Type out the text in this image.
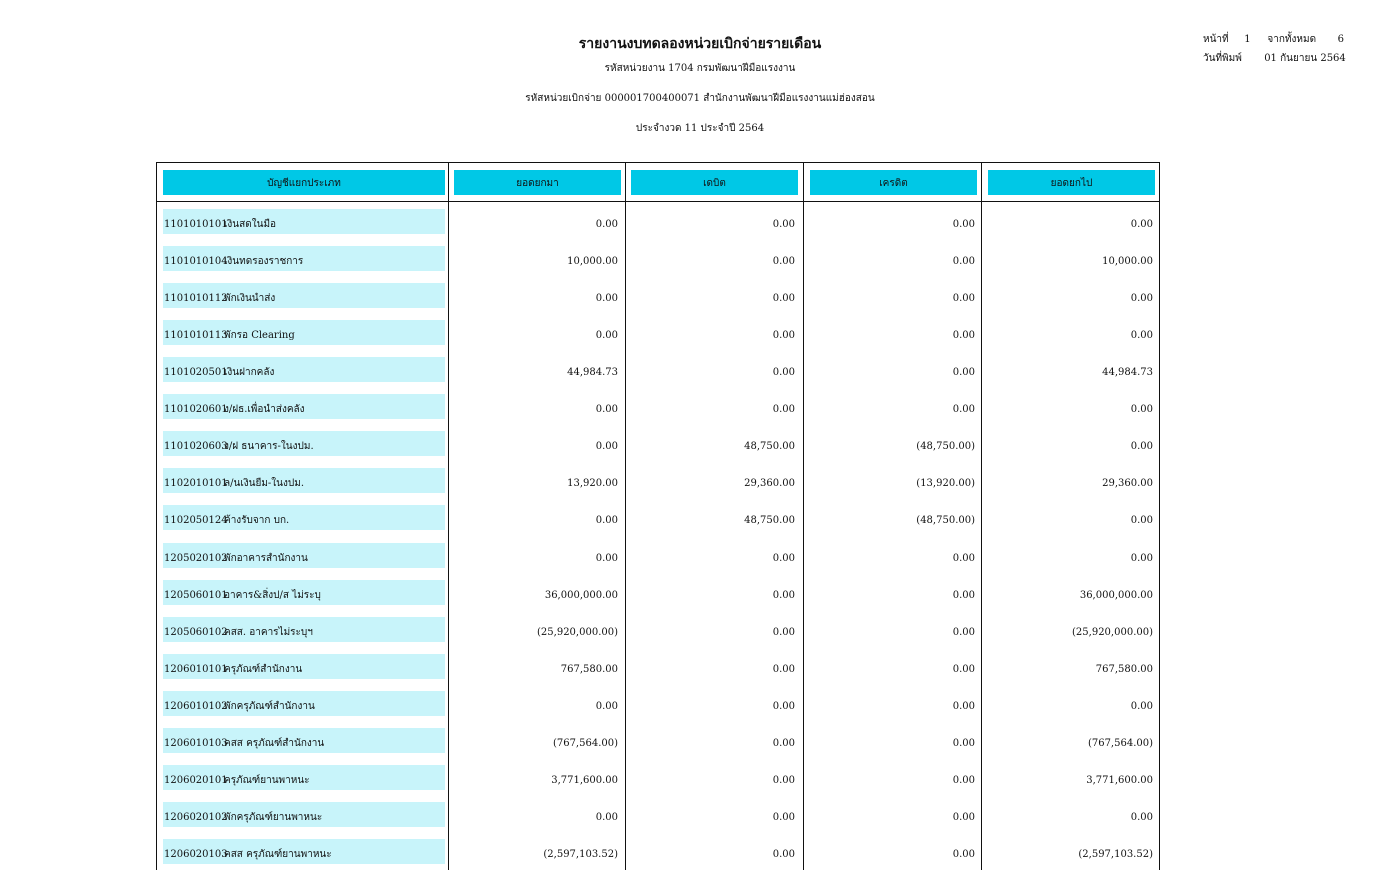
รายงานงบทดลองหน่วยเบิกจ่ายรายเดือน
รหัสหน่วยงาน 1704 กรมพัฒนาฝีมือแรงงาน
รหัสหน่วยเบิกจ่าย 000001700400071 สำนักงานพัฒนาฝีมือแรงงานแม่ฮ่องสอน
ประจำงวด 11 ประจำปี 2564
หน้าที่ 1 จากทั้งหมด 6
วันที่พิมพ์ 01 กันยายน 2564
บัญชีแยกประเภท	ยอดยกมา	เดบิต	เครดิต	ยอดยกไป
1101010101เงินสดในมือ	0.00	0.00	0.00	0.00
1101010104เงินทดรองราชการ	10,000.00	0.00	0.00	10,000.00
1101010112พักเงินนำส่ง	0.00	0.00	0.00	0.00
1101010113พักรอ Clearing	0.00	0.00	0.00	0.00
1101020501เงินฝากคลัง	44,984.73	0.00	0.00	44,984.73
1101020601ง/ฝธ.เพื่อนำส่งคลัง	0.00	0.00	0.00	0.00
1101020603ง/ฝ ธนาคาร-ในงปม.	0.00	48,750.00	(48,750.00)	0.00
1102010101ล/นเงินยืม-ในงปม.	13,920.00	29,360.00	(13,920.00)	29,360.00
1102050124ค้างรับจาก บก.	0.00	48,750.00	(48,750.00)	0.00
1205020102พักอาคารสำนักงาน	0.00	0.00	0.00	0.00
1205060101อาคาร&สิ่งป/ส ไม่ระบุ	36,000,000.00	0.00	0.00	36,000,000.00
1205060102คสส. อาคารไม่ระบุฯ	(25,920,000.00)	0.00	0.00	(25,920,000.00)
1206010101ครุภัณฑ์สำนักงาน	767,580.00	0.00	0.00	767,580.00
1206010102พักครุภัณฑ์สำนักงาน	0.00	0.00	0.00	0.00
1206010103คสส ครุภัณฑ์สำนักงาน	(767,564.00)	0.00	0.00	(767,564.00)
1206020101ครุภัณฑ์ยานพาหนะ	3,771,600.00	0.00	0.00	3,771,600.00
1206020102พักครุภัณฑ์ยานพาหนะ	0.00	0.00	0.00	0.00
1206020103คสส ครุภัณฑ์ยานพาหนะ	(2,597,103.52)	0.00	0.00	(2,597,103.52)
